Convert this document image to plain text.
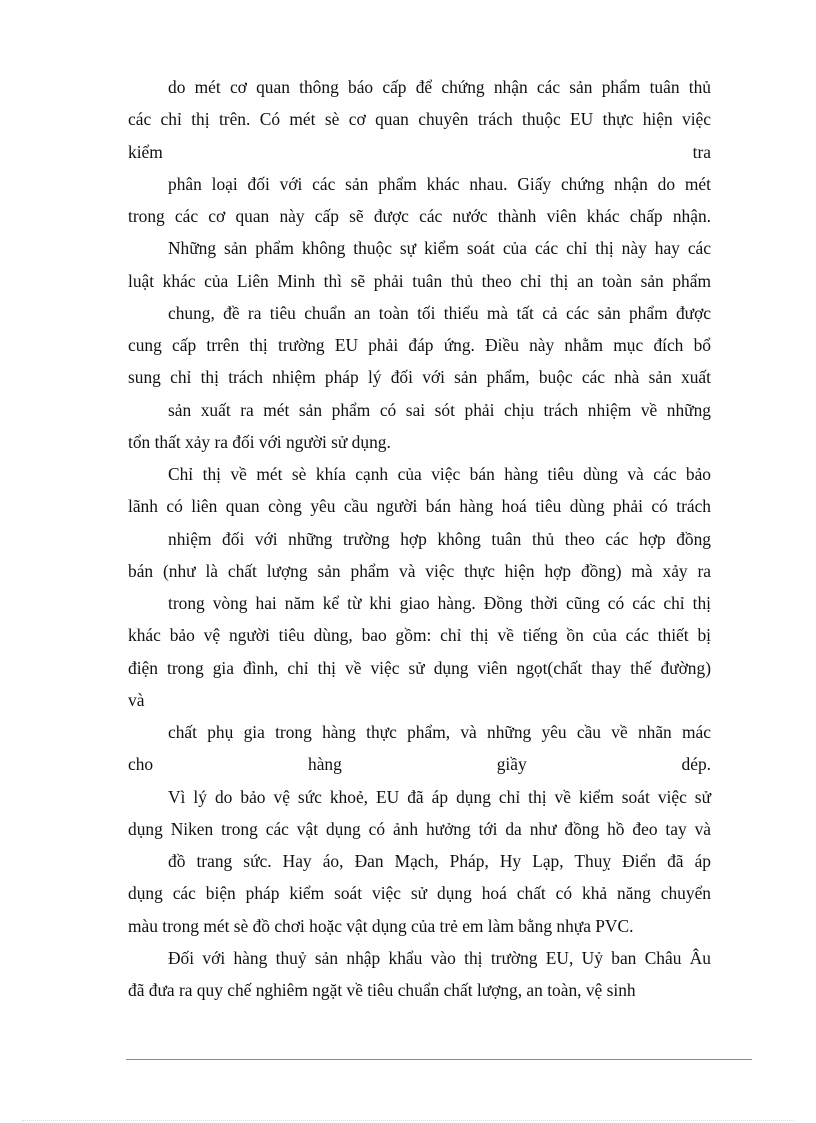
do mét cơ quan thông báo cấp để chứng nhận các sản phẩm tuân thủ
các chỉ thị trên. Có mét sè cơ quan chuyên trách thuộc EU thực hiện việc
kiểm tra
phân loại đối với các sản phẩm khác nhau. Giấy chứng nhận do mét
trong các cơ quan này cấp sẽ được các nước thành viên khác chấp nhận.
Những sản phẩm không thuộc sự kiểm soát của các chỉ thị này hay các
luật khác của Liên Minh thì sẽ phải tuân thủ theo chỉ thị an toàn sản phẩm
chung, đề ra tiêu chuẩn an toàn tối thiểu mà tất cả các sản phẩm được
cung cấp trrên thị trường EU phải đáp ứng. Điều này nhằm mục đích bổ
sung chỉ thị trách nhiệm pháp lý đối với sản phẩm, buộc các nhà sản xuất
sản xuất ra mét sản phẩm có sai sót phải chịu trách nhiệm về những
tổn thất xảy ra đối với người sử dụng.
Chỉ thị về mét sè khía cạnh của việc bán hàng tiêu dùng và các bảo
lãnh có liên quan còng yêu cầu người bán hàng hoá tiêu dùng phải có trách
nhiệm đối với những trường hợp không tuân thủ theo các hợp đồng
bán (như là chất lượng sản phẩm và việc thực hiện hợp đồng) mà xảy ra
trong vòng hai năm kể từ khi giao hàng. Đồng thời cũng có các chỉ thị
khác bảo vệ người tiêu dùng, bao gồm: chỉ thị về tiếng ồn của các thiết bị
điện trong gia đình, chỉ thị về việc sử dụng viên ngọt(chất thay thế đường)
và
chất phụ gia trong hàng thực phẩm, và những yêu cầu về nhãn mác
cho hàng giầy dép.
Vì lý do bảo vệ sức khoẻ, EU đã áp dụng chỉ thị về kiểm soát việc sử
dụng Niken trong các vật dụng có ảnh hưởng tới da như đồng hồ đeo tay và
đồ trang sức. Hay áo, Đan Mạch, Pháp, Hy Lạp, Thuỵ Điển đã áp
dụng các biện pháp kiểm soát việc sử dụng hoá chất có khả năng chuyển
màu trong mét sè đồ chơi hoặc vật dụng của trẻ em làm bằng nhựa PVC.
Đối với hàng thuỷ sản nhập khẩu vào thị trường EU, Uỷ ban Châu Âu
đã đưa ra quy chế nghiêm ngặt về tiêu chuẩn chất lượng, an toàn, vệ sinh
